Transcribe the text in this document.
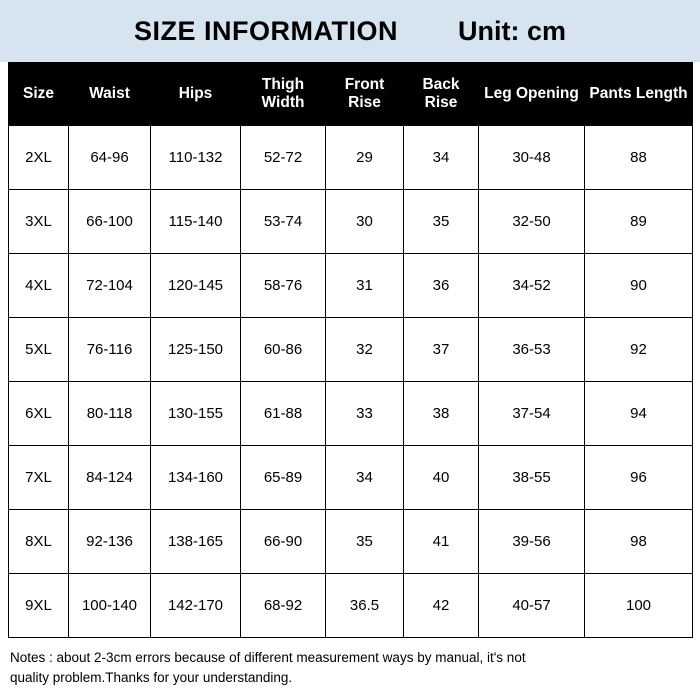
SIZE INFORMATION Unit: cm
Size	Waist	Hips	Thigh Width	Front Rise	Back Rise	Leg Opening	Pants Length
2XL	64-96	110-132	52-72	29	34	30-48	88
3XL	66-100	115-140	53-74	30	35	32-50	89
4XL	72-104	120-145	58-76	31	36	34-52	90
5XL	76-116	125-150	60-86	32	37	36-53	92
6XL	80-118	130-155	61-88	33	38	37-54	94
7XL	84-124	134-160	65-89	34	40	38-55	96
8XL	92-136	138-165	66-90	35	41	39-56	98
9XL	100-140	142-170	68-92	36.5	42	40-57	100
Notes : about 2-3cm errors because of different measurement ways by manual, it's not
quality problem.Thanks for your understanding.
